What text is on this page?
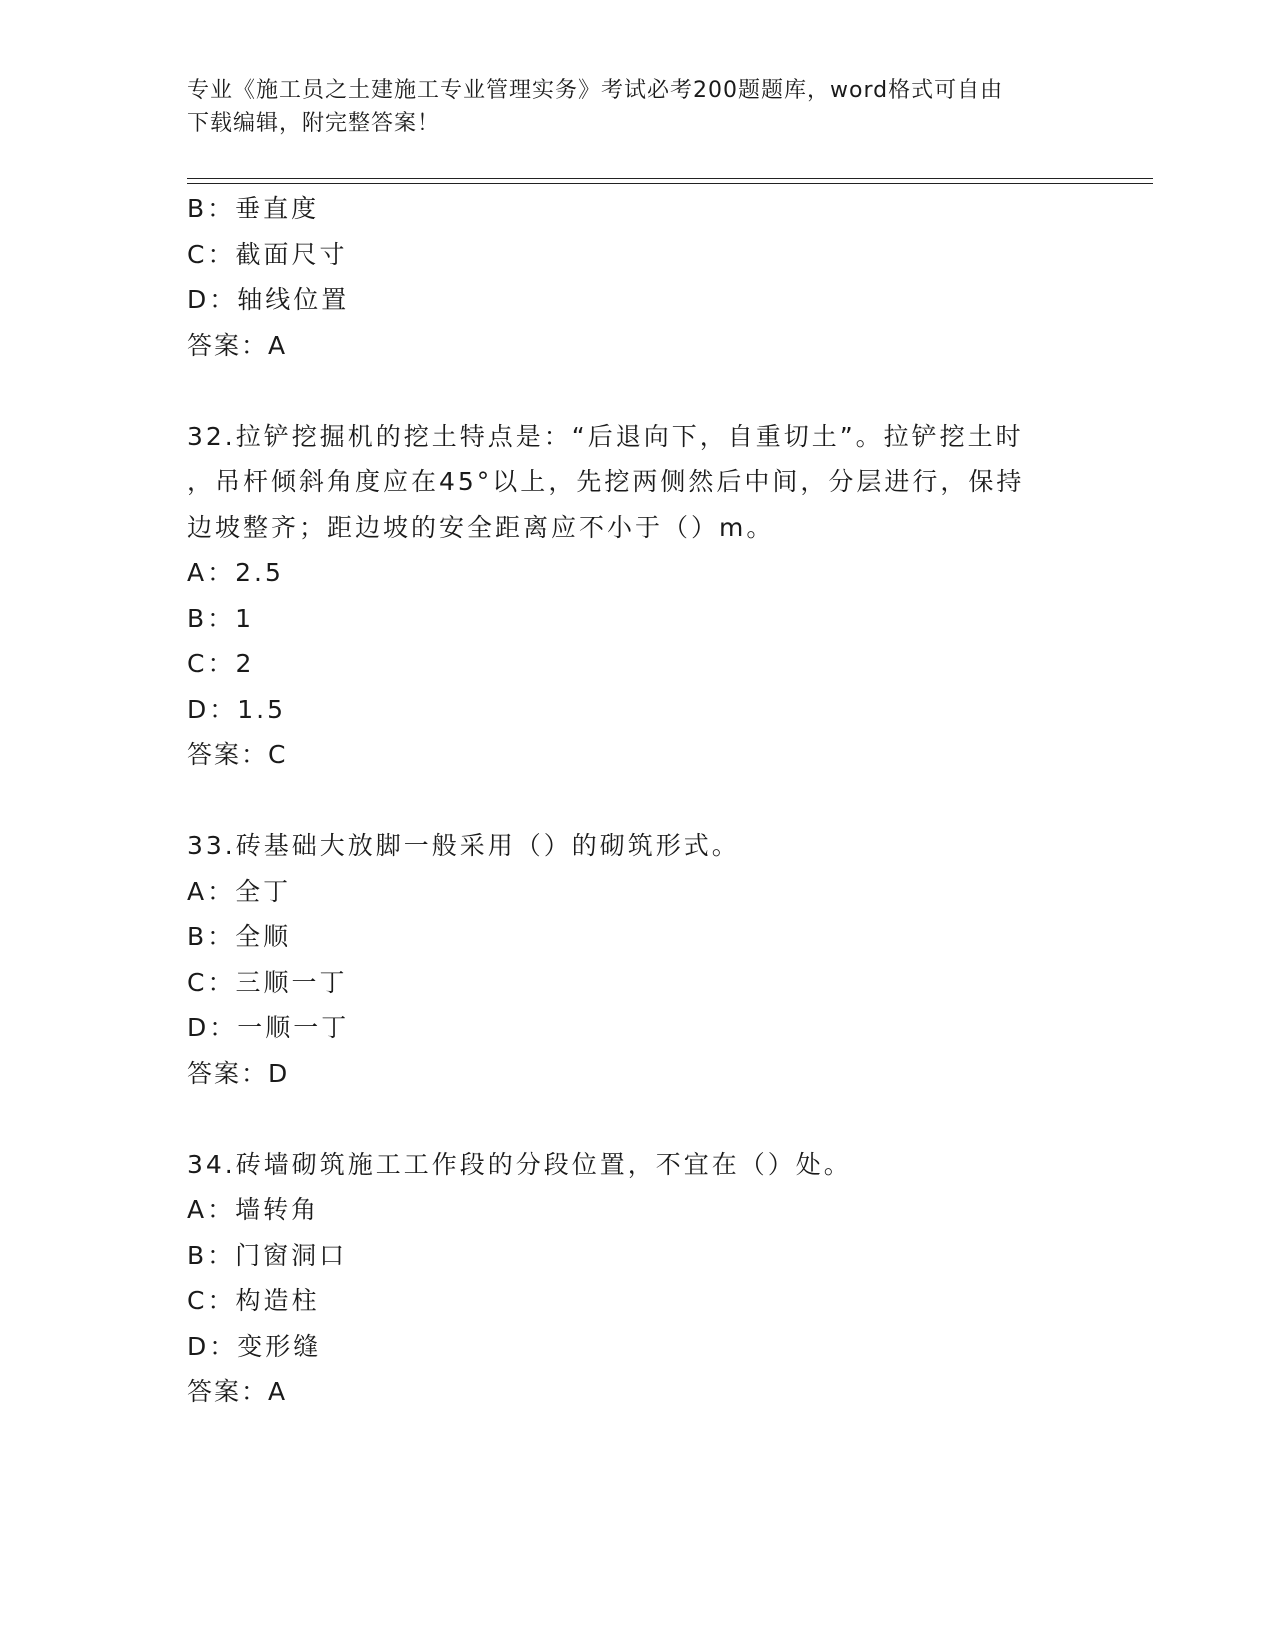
专业《施工员之土建施工专业管理实务》考试必考200题题库，word格式可自由
下载编辑，附完整答案！
B：垂直度
C：截面尺寸
D：轴线位置
答案：A
32.拉铲挖掘机的挖土特点是：“后退向下，自重切土”。拉铲挖土时
，吊杆倾斜角度应在45°以上，先挖两侧然后中间，分层进行，保持
边坡整齐；距边坡的安全距离应不小于（）m。
A：2.5
B：1
C：2
D：1.5
答案：C
33.砖基础大放脚一般采用（）的砌筑形式。
A：全丁
B：全顺
C：三顺一丁
D：一顺一丁
答案：D
34.砖墙砌筑施工工作段的分段位置，不宜在（）处。
A：墙转角
B：门窗洞口
C：构造柱
D：变形缝
答案：A
